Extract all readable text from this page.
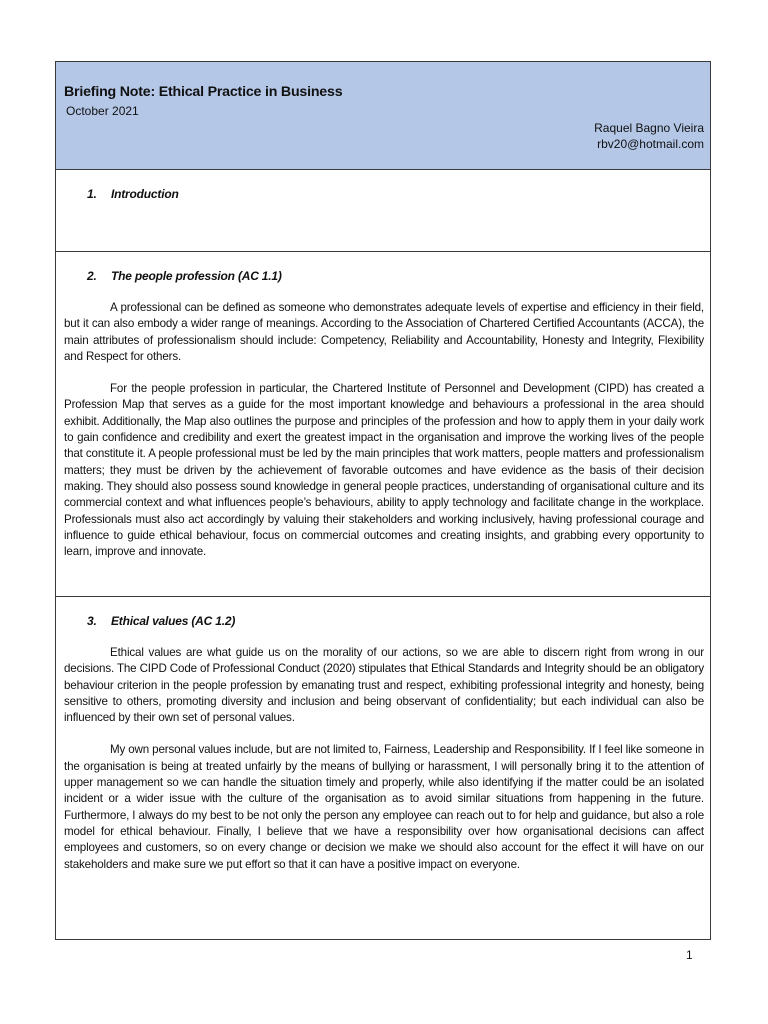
Briefing Note: Ethical Practice in Business
October 2021
Raquel Bagno Vieira
rbv20@hotmail.com
1.	Introduction
2.	The people profession (AC 1.1)

A professional can be defined as someone who demonstrates adequate levels of expertise and efficiency in their field, but it can also embody a wider range of meanings. According to the Association of Chartered Certified Accountants (ACCA), the main attributes of professionalism should include: Competency, Reliability and Accountability, Honesty and Integrity, Flexibility and Respect for others.

For the people profession in particular, the Chartered Institute of Personnel and Development (CIPD) has created a Profession Map that serves as a guide for the most important knowledge and behaviours a professional in the area should exhibit. Additionally, the Map also outlines the purpose and principles of the profession and how to apply them in your daily work to gain confidence and credibility and exert the greatest impact in the organisation and improve the working lives of the people that constitute it. A people professional must be led by the main principles that work matters, people matters and professionalism matters; they must be driven by the achievement of favorable outcomes and have evidence as the basis of their decision making. They should also possess sound knowledge in general people practices, understanding of organisational culture and its commercial context and what influences people’s behaviours, ability to apply technology and facilitate change in the workplace. Professionals must also act accordingly by valuing their stakeholders and working inclusively, having professional courage and influence to guide ethical behaviour, focus on commercial outcomes and creating insights, and grabbing every opportunity to learn, improve and innovate.

3.	Ethical values (AC 1.2)

Ethical values are what guide us on the morality of our actions, so we are able to discern right from wrong in our decisions. The CIPD Code of Professional Conduct (2020) stipulates that Ethical Standards and Integrity should be an obligatory behaviour criterion in the people profession by emanating trust and respect, exhibiting professional integrity and honesty, being sensitive to others, promoting diversity and inclusion and being observant of confidentiality; but each individual can also be influenced by their own set of personal values.

My own personal values include, but are not limited to, Fairness, Leadership and Responsibility. If I feel like someone in the organisation is being at treated unfairly by the means of bullying or harassment, I will personally bring it to the attention of upper management so we can handle the situation timely and properly, while also identifying if the matter could be an isolated incident or a wider issue with the culture of the organisation as to avoid similar situations from happening in the future. Furthermore, I always do my best to be not only the person any employee can reach out to for help and guidance, but also a role model for ethical behaviour. Finally, I believe that we have a responsibility over how organisational decisions can affect employees and customers, so on every change or decision we make we should also account for the effect it will have on our stakeholders and make sure we put effort so that it can have a positive impact on everyone.

1
